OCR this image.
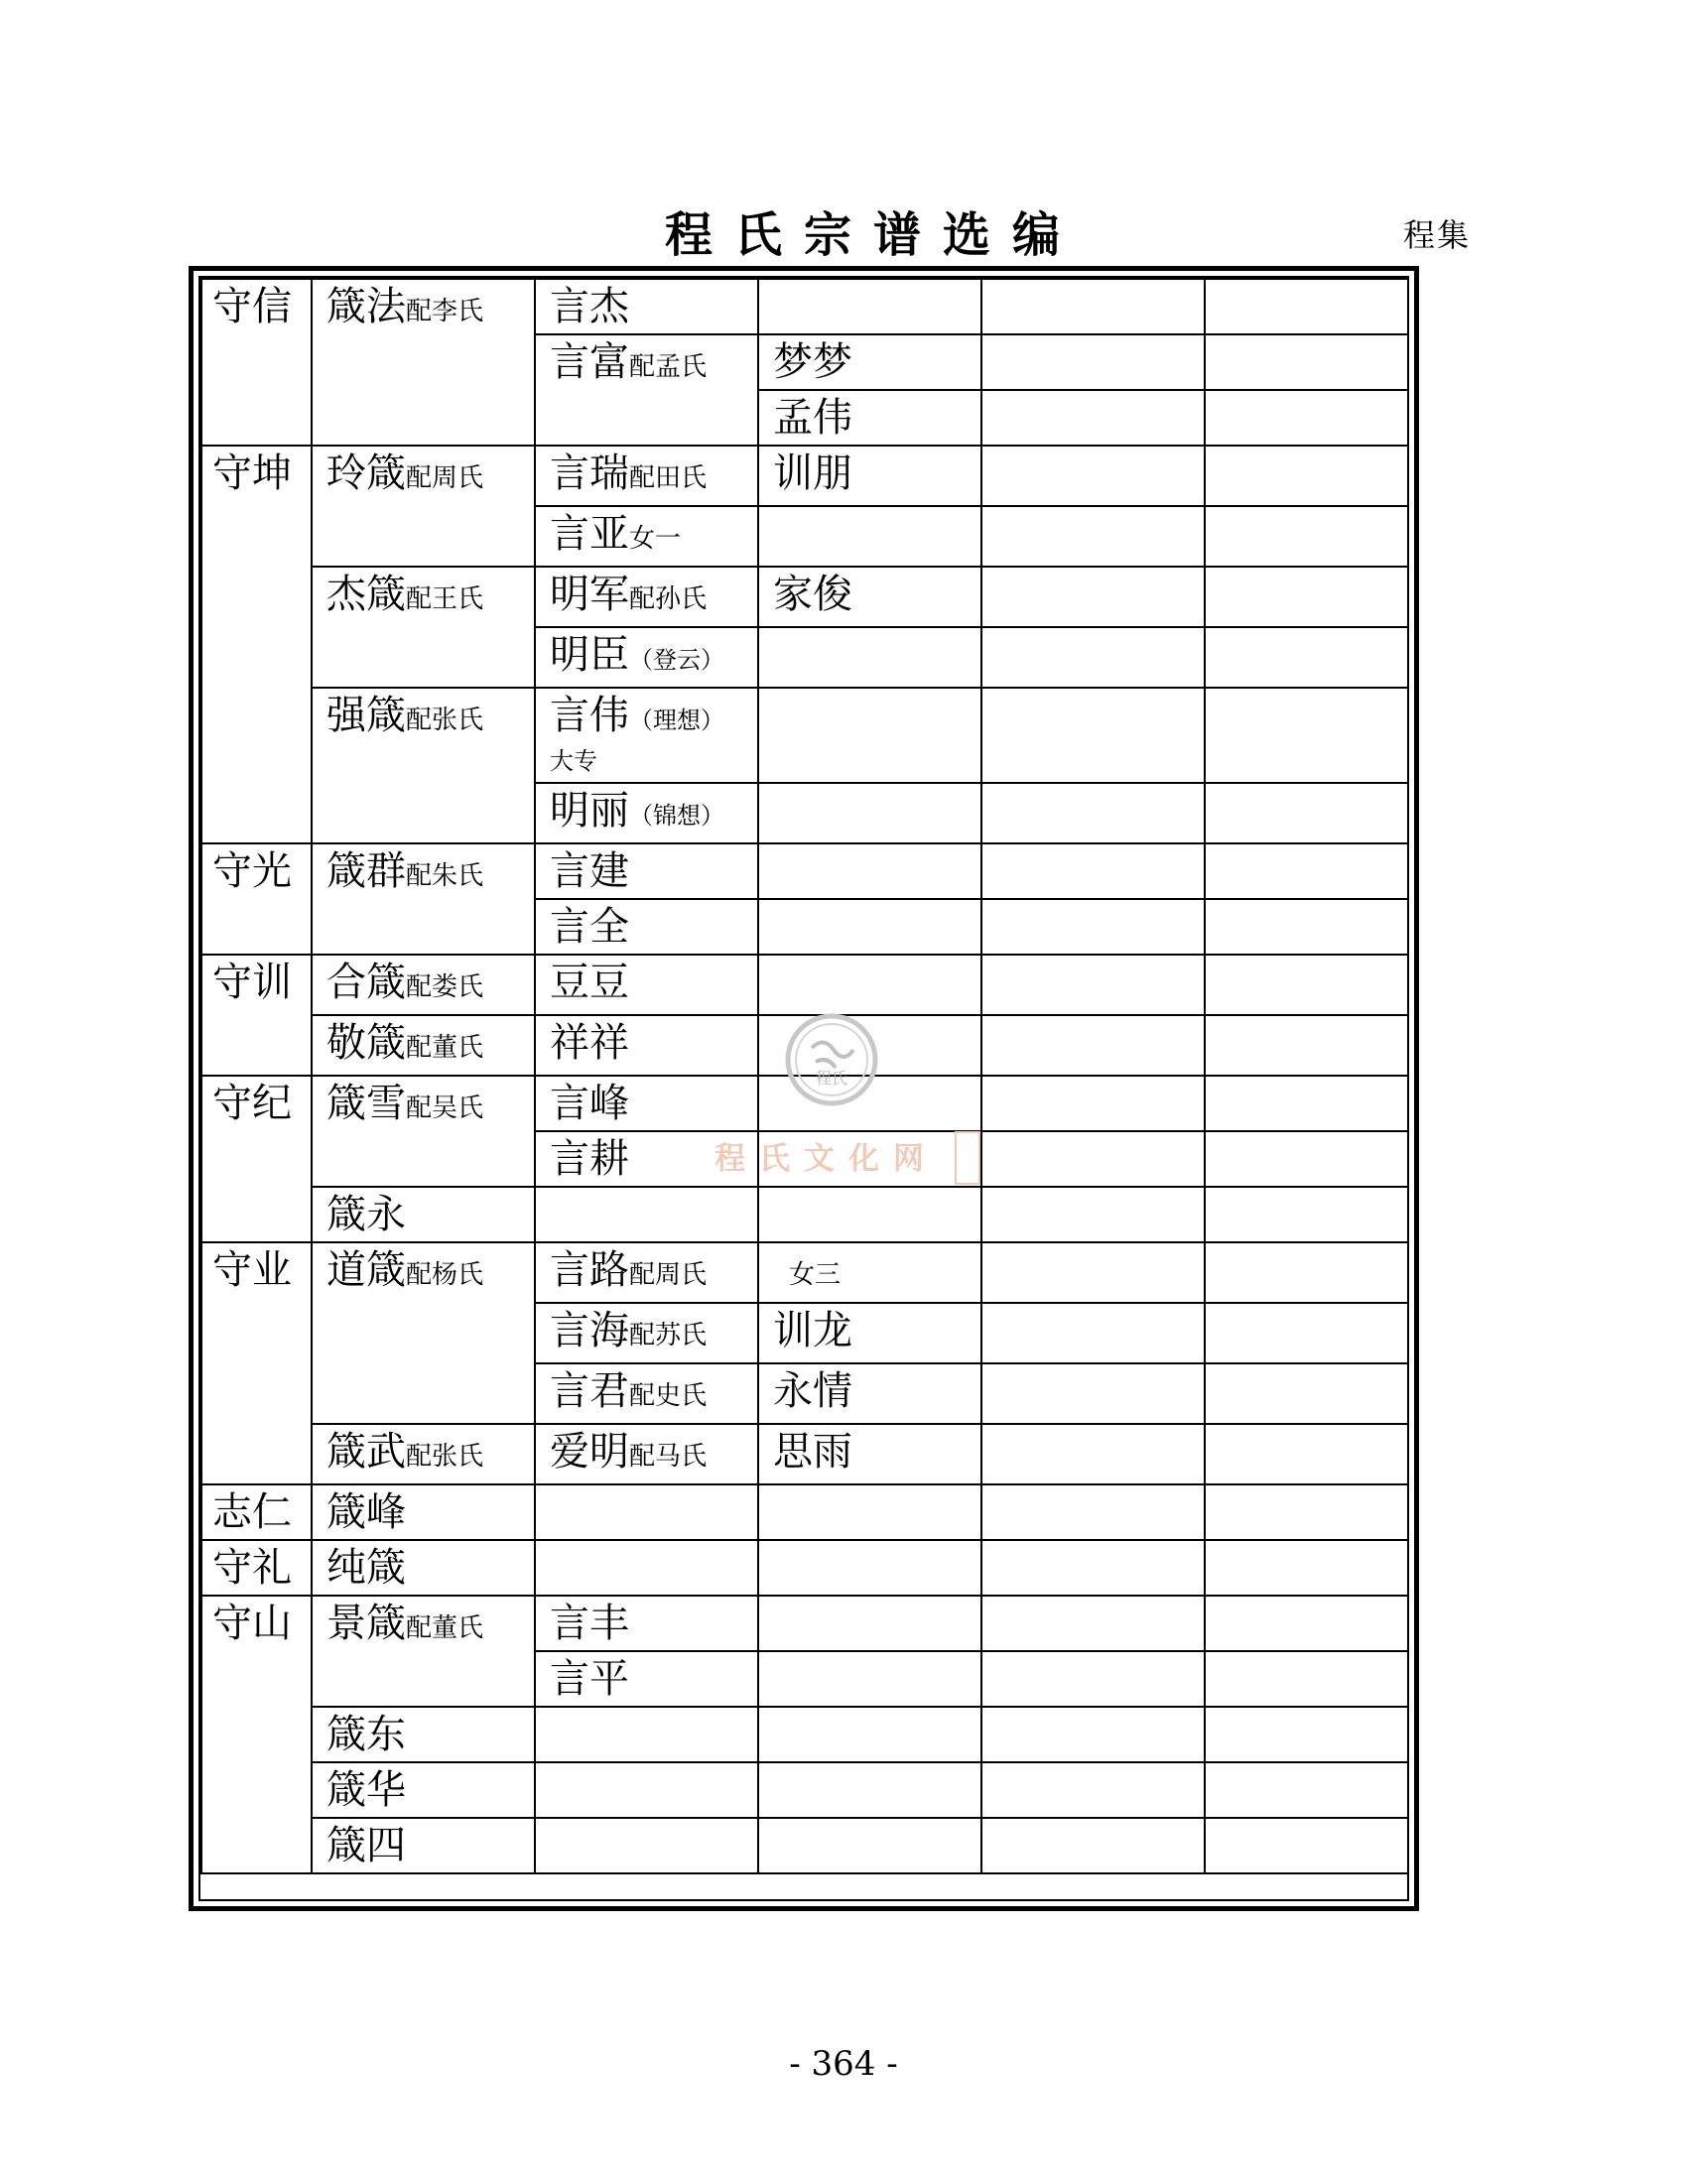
程氏宗谱选编	程集
守信	箴法配李氏	言杰			
		言富配孟氏	梦梦		
			孟伟		
守坤	玲箴配周氏	言瑞配田氏	训朋		
		言亚女一			
	杰箴配王氏	明军配孙氏	家俊		
		明臣（登云）			
	强箴配张氏	言伟（理想）
大专			

		明丽（锦想）			
守光	箴群配朱氏	言建			
		言全			
守训	合箴配娄氏	豆豆			
	敬箴配董氏	祥祥			
守纪	箴雪配吴氏	言峰			
		言耕			
	箴永				
守业	道箴配杨氏	言路配周氏	女三		
		言海配苏氏	训龙		
		言君配史氏	永情		
	箴武配张氏	爱明配马氏	思雨		
志仁	箴峰				
守礼	纯箴				
守山	景箴配董氏	言丰			
		言平			
	箴东				
	箴华				
	箴四				
程氏
程氏文化网
- 364 -
